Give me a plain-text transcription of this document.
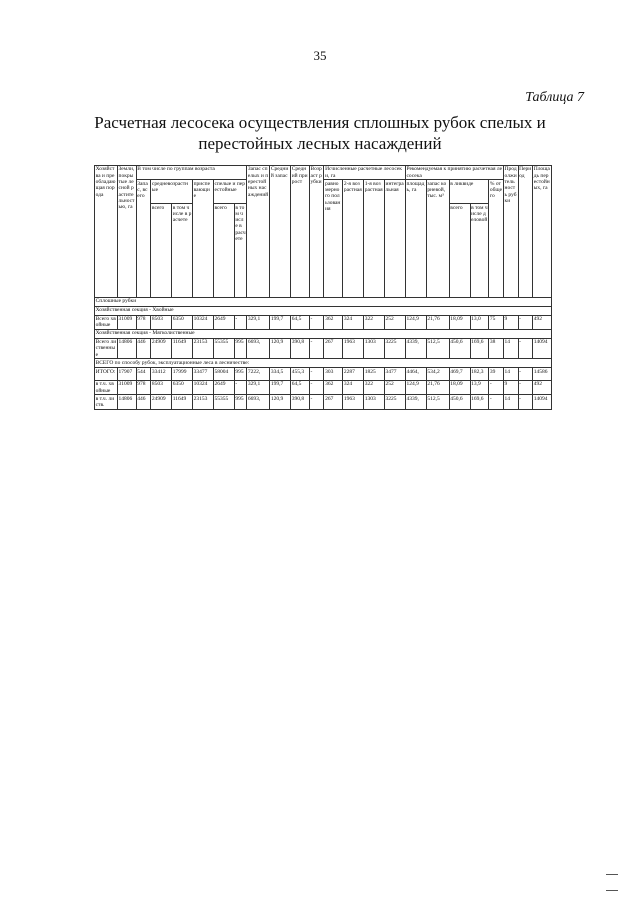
35
Таблица 7
Расчетная лесосека осуществления сплошных рубок спелых и перестойных лесных насаждений
Хозяйства и преобладающая порода	Земли, покрытые лесной растительностью, га	В том числе по группам возраста						Запас спелых и перестойных насаждений	Средний запас	Средний прирост	Возраст рубки	Исчисленные расчетные лесосеки, га				Рекомендуемая к принятию расчетная лесосека					Продолжительность рубки	Период	Площадь перестойных, га
		Запас, всего	средневозрастные		приспевающие	спелые и перестойные						равномерного пользования	2-я возрастная	1-я возрастная	интегральная	площадь, га	запас корневой, тыс. м³	в ликвиде		% от общего			
			всего	в том числе в расчете		всего	в том числе в расчете											всего	в том числе деловой				
Сплошные рубки																							
Хозяйственная секция - Хвойные																							
Всего хвойные	31009	978	8503	6350	10324	2649	-	329,1	199,7	64,5	-	362	324	322	252	124,9	21,76	18,09	13,0	75	9	-	492
Хозяйственная секция - Мягколиственные																							
Всего лиственные	14806	446	24909	11649	23153	55355	995	6693,	120,9	390,8	-	267	1963	1303	3225	4339,	512,5	450,6	169,6	38	14	-	14094
ВСЕГО по способу рубок, эксплуатационные леса в лесничестве:																							
ИТОГО:	17907	544	33412	17999	33477	58004	995	7222,	334,5	455,3	-	303	2287	1825	3477	4464,	534,2	469,7	182,3	39	14	-	14586
в т.ч. хвойные	31009	978	8503	6350	10324	2649	-	329,1	199,7	64,5	-	362	324	322	252	124,9	21,76	18,09	13,9	-	9	-	492
в т.ч. листв.	14806	446	24909	11649	23153	55355	995	6693,	120,9	390,8	-	267	1963	1303	3225	4339,	512,5	450,6	169,6	-	14	-	14094
